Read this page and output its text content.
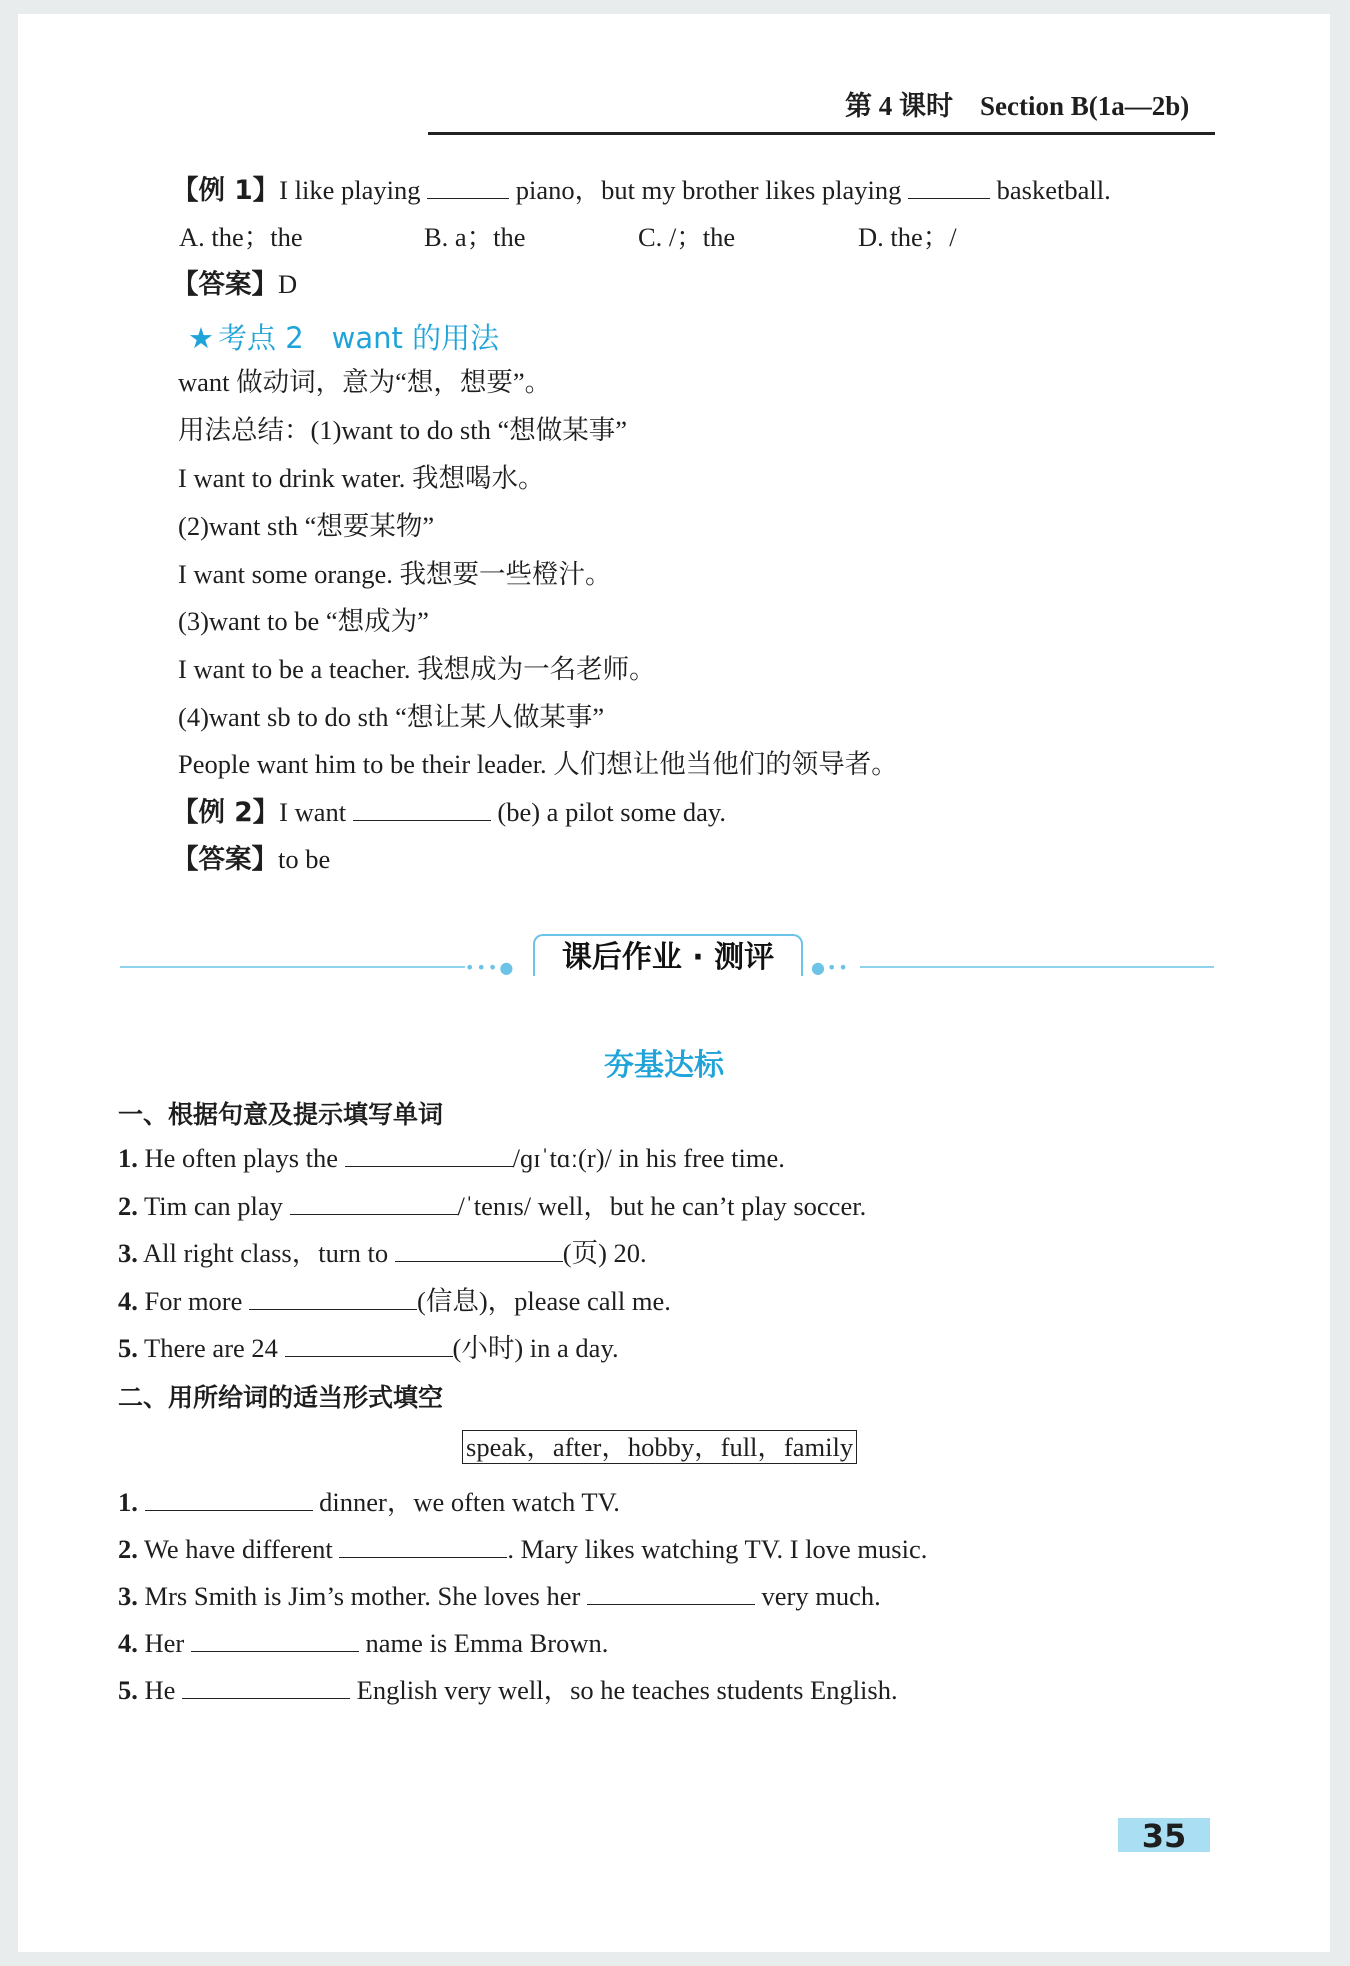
第 4 课时　Section B(1a—2b)
【例 1】I like playing	piano，but my brother likes playing	basketball.
A. the；the	B. a；the	C. /；the	D. the；/
【答案】D
★ 考点 2 want 的用法
want 做动词，意为“想，想要”。
用法总结：(1)want to do sth “想做某事”
I want to drink water. 我想喝水。
(2)want sth “想要某物”
I want some orange. 我想要一些橙汁。
(3)want to be “想成为”
I want to be a teacher. 我想成为一名老师。
(4)want sb to do sth “想让某人做某事”
People want him to be their leader. 人们想让他当他们的领导者。
【例 2】I want	(be) a pilot some day.
【答案】to be
•••●	课后作业 · 测评	●••
夯基达标
一、根据句意及提示填写单词
1. He often plays the	/ɡɪˈtɑː(r)/ in his free time.
2. Tim can play	/ˈtenɪs/ well，but he can’t play soccer.
3. All right class，turn to	(页) 20.
4. For more	(信息)，please call me.
5. There are 24	(小时) in a day.
二、用所给词的适当形式填空
speak，after，hobby，full，family
1.	dinner，we often watch TV.
2. We have different	. Mary likes watching TV. I love music.
3. Mrs Smith is Jim’s mother. She loves her	very much.
4. Her	name is Emma Brown.
5. He	English very well，so he teaches students English.
35
